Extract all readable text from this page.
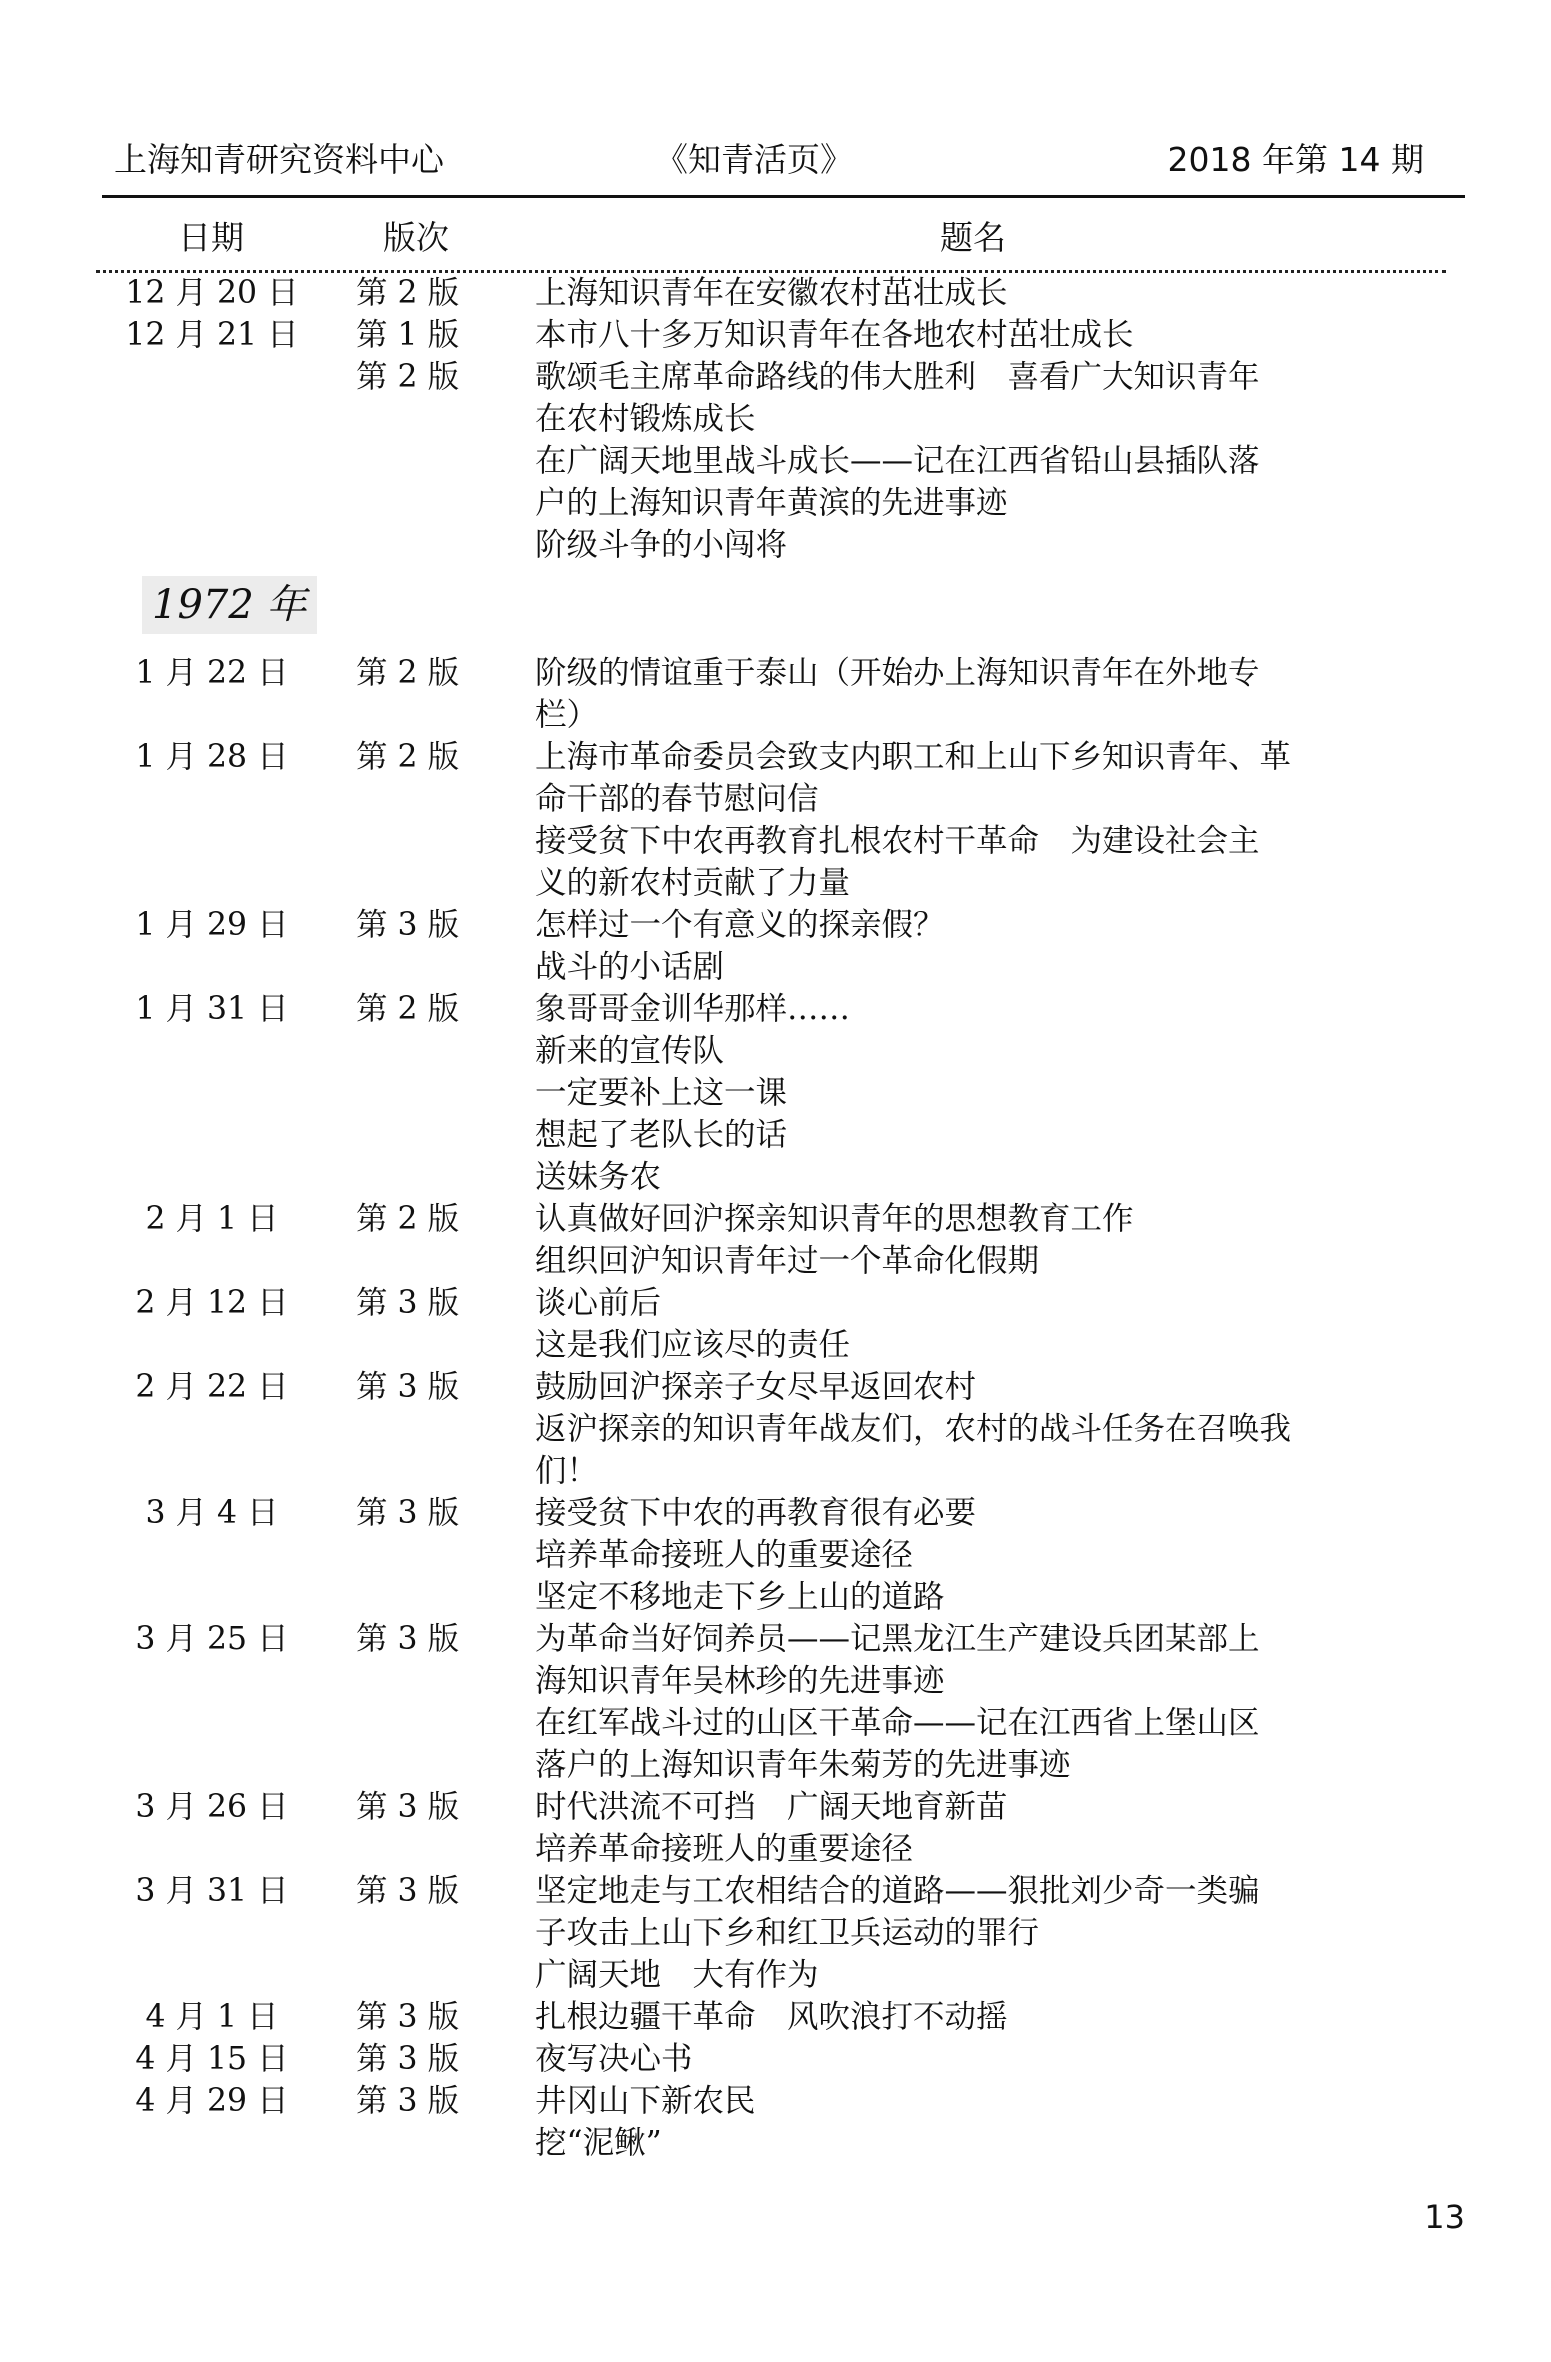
上海知青研究资料中心	《知青活页》	2018 年第 14 期
日期	版次	题名
12 月 20 日	第 2 版 上海知识青年在安徽农村茁壮成长
12 月 21 日	第 1 版 本市八十多万知识青年在各地农村茁壮成长
第 2 版 歌颂毛主席革命路线的伟大胜利　喜看广大知识青年
在农村锻炼成长
在广阔天地里战斗成长——记在江西省铅山县插队落
户的上海知识青年黄滨的先进事迹
阶级斗争的小闯将
1972 年
1 月 22 日	第 2 版 阶级的情谊重于泰山（开始办上海知识青年在外地专
栏）
1 月 28 日	第 2 版 上海市革命委员会致支内职工和上山下乡知识青年、革
命干部的春节慰问信
接受贫下中农再教育扎根农村干革命　为建设社会主
义的新农村贡献了力量
1 月 29 日	第 3 版 怎样过一个有意义的探亲假？
战斗的小话剧
1 月 31 日	第 2 版 象哥哥金训华那样……
新来的宣传队
一定要补上这一课
想起了老队长的话
送妹务农
2 月 1 日	第 2 版 认真做好回沪探亲知识青年的思想教育工作
组织回沪知识青年过一个革命化假期
2 月 12 日	第 3 版 谈心前后
这是我们应该尽的责任
2 月 22 日	第 3 版 鼓励回沪探亲子女尽早返回农村
返沪探亲的知识青年战友们，农村的战斗任务在召唤我
们！
3 月 4 日	第 3 版 接受贫下中农的再教育很有必要
培养革命接班人的重要途径
坚定不移地走下乡上山的道路
3 月 25 日	第 3 版 为革命当好饲养员——记黑龙江生产建设兵团某部上
海知识青年吴林珍的先进事迹
在红军战斗过的山区干革命——记在江西省上堡山区
落户的上海知识青年朱菊芳的先进事迹
3 月 26 日	第 3 版 时代洪流不可挡　广阔天地育新苗
培养革命接班人的重要途径
3 月 31 日	第 3 版 坚定地走与工农相结合的道路——狠批刘少奇一类骗
子攻击上山下乡和红卫兵运动的罪行
广阔天地　大有作为
4 月 1 日	第 3 版 扎根边疆干革命　风吹浪打不动摇
4 月 15 日	第 3 版 夜写决心书
4 月 29 日	第 3 版 井冈山下新农民
挖“泥鳅”
13
